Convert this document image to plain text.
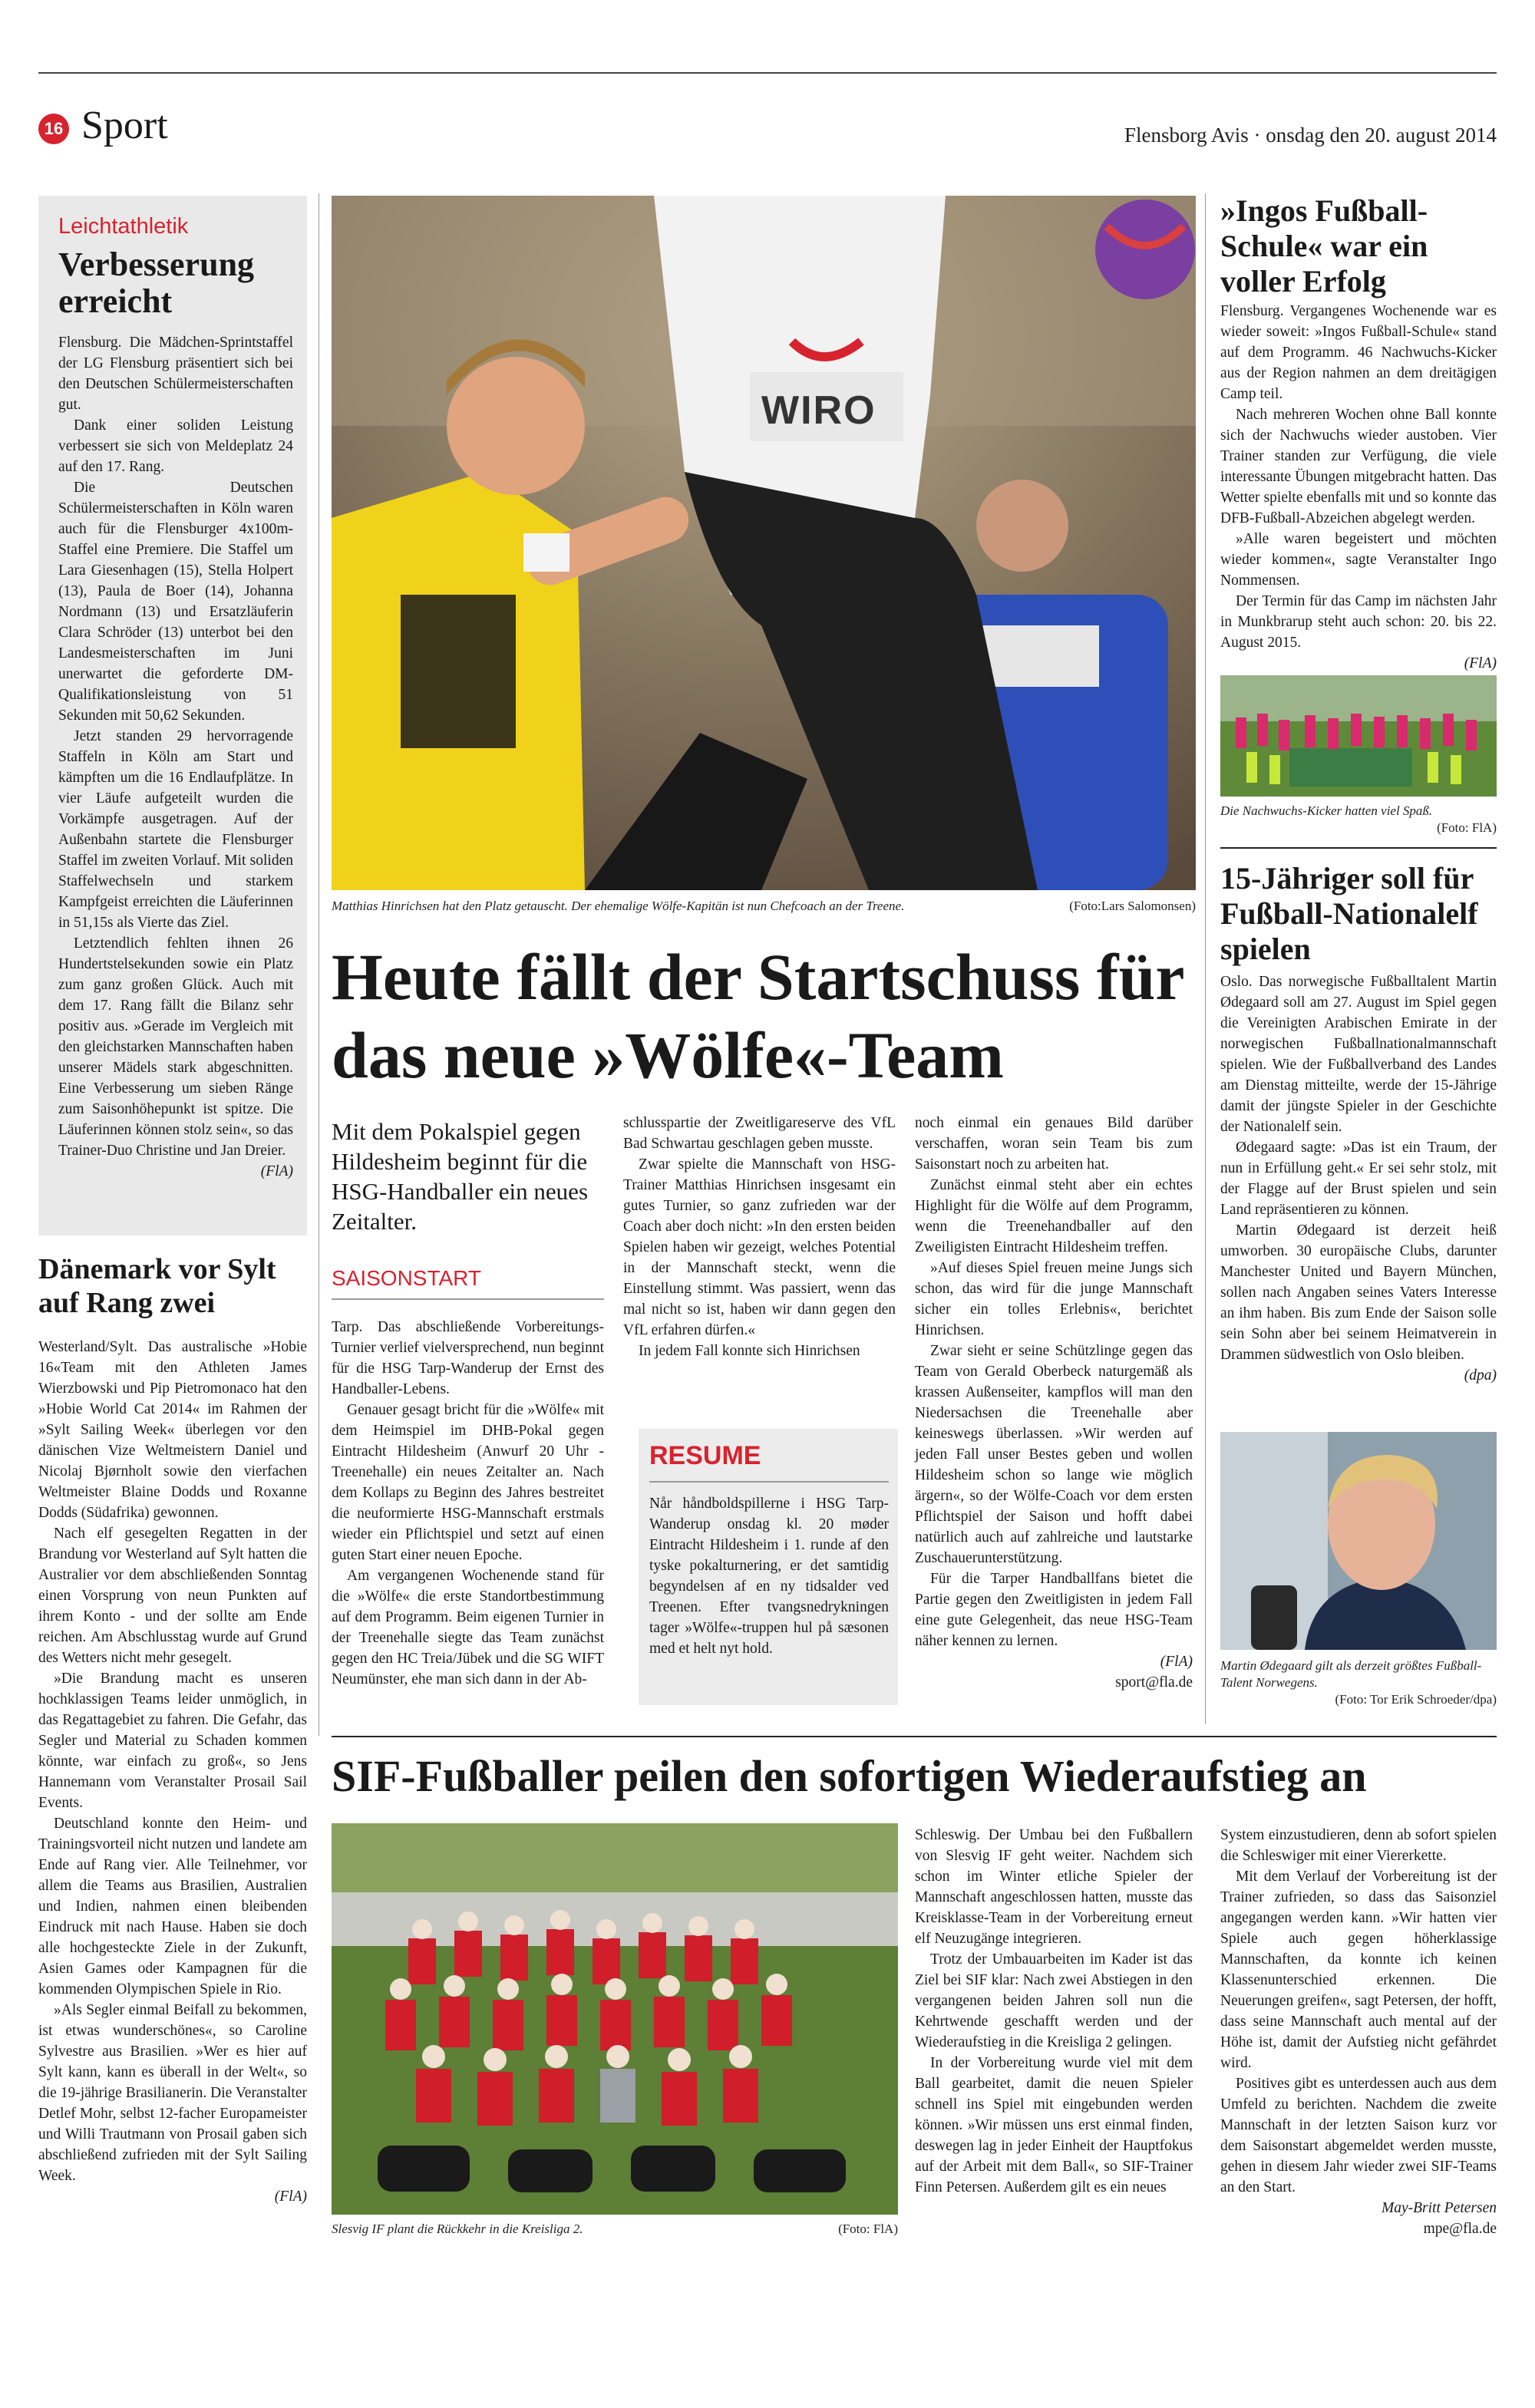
16 Sport	Flensborg Avis · onsdag den 20. august 2014
Leichtathletik
Verbesserung erreicht

Flensburg. Die Mädchen-Sprintstaffel der LG Flensburg präsentiert sich bei den Deutschen Schülermeisterschaften gut.

Dank einer soliden Leistung verbessert sie sich von Meldeplatz 24 auf den 17. Rang.

Die Deutschen Schülermeisterschaften in Köln waren auch für die Flensburger 4x100m-Staffel eine Premiere. Die Staffel um Lara Giesenhagen (15), Stella Holpert (13), Paula de Boer (14), Johanna Nordmann (13) und Ersatzläuferin Clara Schröder (13) unterbot bei den Landesmeisterschaften im Juni unerwartet die geforderte DM-Qualifikationsleistung von 51 Sekunden mit 50,62 Sekunden.

Jetzt standen 29 hervorragende Staffeln in Köln am Start und kämpften um die 16 Endlaufplätze. In vier Läufe aufgeteilt wurden die Vorkämpfe ausgetragen. Auf der Außenbahn startete die Flensburger Staffel im zweiten Vorlauf. Mit soliden Staffelwechseln und starkem Kampfgeist erreichten die Läuferinnen in 51,15s als Vierte das Ziel.

Letztendlich fehlten ihnen 26 Hundertstelsekunden sowie ein Platz zum ganz großen Glück. Auch mit dem 17. Rang fällt die Bilanz sehr positiv aus. »Gerade im Vergleich mit den gleichstarken Mannschaften haben unserer Mädels stark abgeschnitten. Eine Verbesserung um sieben Ränge zum Saisonhöhepunkt ist spitze. Die Läuferinnen können stolz sein«, so das Trainer-Duo Christine und Jan Dreier.

(FlA)

Dänemark vor Sylt auf Rang zwei

Westerland/Sylt. Das australische »Hobie 16«Team mit den Athleten James Wierzbowski und Pip Pietromonaco hat den »Hobie World Cat 2014« im Rahmen der »Sylt Sailing Week« überlegen vor den dänischen Vize Weltmeistern Daniel und Nicolaj Bjørnholt sowie den vierfachen Weltmeister Blaine Dodds und Roxanne Dodds (Südafrika) gewonnen.

Nach elf gesegelten Regatten in der Brandung vor Westerland auf Sylt hatten die Australier vor dem abschließenden Sonntag einen Vorsprung von neun Punkten auf ihrem Konto - und der sollte am Ende reichen. Am Abschlusstag wurde auf Grund des Wetters nicht mehr gesegelt.

»Die Brandung macht es unseren hochklassigen Teams leider unmöglich, in das Regattagebiet zu fahren. Die Gefahr, das Segler und Material zu Schaden kommen könnte, war einfach zu groß«, so Jens Hannemann vom Veranstalter Prosail Sail Events.

Deutschland konnte den Heim- und Trainingsvorteil nicht nutzen und landete am Ende auf Rang vier. Alle Teilnehmer, vor allem die Teams aus Brasilien, Australien und Indien, nahmen einen bleibenden Eindruck mit nach Hause. Haben sie doch alle hochgesteckte Ziele in der Zukunft, Asien Games oder Kampagnen für die kommenden Olympischen Spiele in Rio.

»Als Segler einmal Beifall zu bekommen, ist etwas wunderschönes«, so Caroline Sylvestre aus Brasilien. »Wer es hier auf Sylt kann, kann es überall in der Welt«, so die 19-jährige Brasilianerin. Die Veranstalter Detlef Mohr, selbst 12-facher Europameister und Willi Trautmann von Prosail gaben sich abschließend zufrieden mit der Sylt Sailing Week.

(FlA)

WIRO
Matthias Hinrichsen hat den Platz getauscht. Der ehemalige Wölfe-Kapitän ist nun Chefcoach an der Treene.	(Foto:Lars Salomonsen)
Heute fällt der Startschuss für das neue »Wölfe«-Team
Mit dem Pokalspiel gegen Hildesheim beginnt für die HSG-Handballer ein neues Zeitalter.
SAISONSTART

Tarp. Das abschließende Vorbereitungs-Turnier verlief vielversprechend, nun beginnt für die HSG Tarp-Wanderup der Ernst des Handballer-Lebens.

Genauer gesagt bricht für die »Wölfe« mit dem Heimspiel im DHB-Pokal gegen Eintracht Hildesheim (Anwurf 20 Uhr - Treenehalle) ein neues Zeitalter an. Nach dem Kollaps zu Beginn des Jahres bestreitet die neuformierte HSG-Mannschaft erstmals wieder ein Pflichtspiel und setzt auf einen guten Start einer neuen Epoche.

Am vergangenen Wochenende stand für die »Wölfe« die erste Standortbestimmung auf dem Programm. Beim eigenen Turnier in der Treenehalle siegte das Team zunächst gegen den HC Treia/Jübek und die SG WIFT Neumünster, ehe man sich dann in der Ab-

schlusspartie der Zweitligareserve des VfL Bad Schwartau geschlagen geben musste.

Zwar spielte die Mannschaft von HSG-Trainer Matthias Hinrichsen insgesamt ein gutes Turnier, so ganz zufrieden war der Coach aber doch nicht: »In den ersten beiden Spielen haben wir gezeigt, welches Potential in der Mannschaft steckt, wenn die Einstellung stimmt. Was passiert, wenn das mal nicht so ist, haben wir dann gegen den VfL erfahren dürfen.«

In jedem Fall konnte sich Hinrichsen

RESUME
Når håndboldspillerne i HSG Tarp-Wanderup onsdag kl. 20 møder Eintracht Hildesheim i 1. runde af den tyske pokalturnering, er det samtidig begyndelsen af en ny tidsalder ved Treenen. Efter tvangsnedrykningen tager »Wölfe«-truppen hul på sæsonen med et helt nyt hold.

noch einmal ein genaues Bild darüber verschaffen, woran sein Team bis zum Saisonstart noch zu arbeiten hat.

Zunächst einmal steht aber ein echtes Highlight für die Wölfe auf dem Programm, wenn die Treenehandballer auf den Zweiligisten Eintracht Hildesheim treffen.

»Auf dieses Spiel freuen meine Jungs sich schon, das wird für die junge Mannschaft sicher ein tolles Erlebnis«, berichtet Hinrichsen.

Zwar sieht er seine Schützlinge gegen das Team von Gerald Oberbeck naturgemäß als krassen Außenseiter, kampflos will man den Niedersachsen die Treenehalle aber keineswegs überlassen. »Wir werden auf jeden Fall unser Bestes geben und wollen Hildesheim schon so lange wie möglich ärgern«, so der Wölfe-Coach vor dem ersten Pflichtspiel der Saison und hofft dabei natürlich auch auf zahlreiche und lautstarke Zuschauerunterstützung.

Für die Tarper Handballfans bietet die Partie gegen den Zweitligisten in jedem Fall eine gute Gelegenheit, das neue HSG-Team näher kennen zu lernen.

(FlA)

sport@fla.de

»Ingos Fußball-Schule« war ein voller Erfolg

Flensburg. Vergangenes Wochenende war es wieder soweit: »Ingos Fußball-Schule« stand auf dem Programm. 46 Nachwuchs-Kicker aus der Region nahmen an dem dreitägigen Camp teil.

Nach mehreren Wochen ohne Ball konnte sich der Nachwuchs wieder austoben. Vier Trainer standen zur Verfügung, die viele interessante Übungen mitgebracht hatten. Das Wetter spielte ebenfalls mit und so konnte das DFB-Fußball-Abzeichen abgelegt werden.

»Alle waren begeistert und möchten wieder kommen«, sagte Veranstalter Ingo Nommensen.

Der Termin für das Camp im nächsten Jahr in Munkbrarup steht auch schon: 20. bis 22. August 2015.

(FlA)

Die Nachwuchs-Kicker hatten viel Spaß.
(Foto: FlA)
15-Jähriger soll für Fußball-Nationalelf spielen

Oslo. Das norwegische Fußballtalent Martin Ødegaard soll am 27. August im Spiel gegen die Vereinigten Arabischen Emirate in der norwegischen Fußballnationalmannschaft spielen. Wie der Fußballverband des Landes am Dienstag mitteilte, werde der 15-Jährige damit der jüngste Spieler in der Geschichte der Nationalelf sein.

Ødegaard sagte: »Das ist ein Traum, der nun in Erfüllung geht.« Er sei sehr stolz, mit der Flagge auf der Brust spielen und sein Land repräsentieren zu können.

Martin Ødegaard ist derzeit heiß umworben. 30 europäische Clubs, darunter Manchester United und Bayern München, sollen nach Angaben seines Vaters Interesse an ihm haben. Bis zum Ende der Saison solle sein Sohn aber bei seinem Heimatverein in Drammen südwestlich von Oslo bleiben.

(dpa)

Martin Ødegaard gilt als derzeit größtes Fußball-Talent Norwegens.
(Foto: Tor Erik Schroeder/dpa)
SIF-Fußballer peilen den sofortigen Wiederaufstieg an
Slesvig IF plant die Rückkehr in die Kreisliga 2.	(Foto: FlA)

Schleswig. Der Umbau bei den Fußballern von Slesvig IF geht weiter. Nachdem sich schon im Winter etliche Spieler der Mannschaft angeschlossen hatten, musste das Kreisklasse-Team in der Vorbereitung erneut elf Neuzugänge integrieren.

Trotz der Umbauarbeiten im Kader ist das Ziel bei SIF klar: Nach zwei Abstiegen in den vergangenen beiden Jahren soll nun die Kehrtwende geschafft werden und der Wiederaufstieg in die Kreisliga 2 gelingen.

In der Vorbereitung wurde viel mit dem Ball gearbeitet, damit die neuen Spieler schnell ins Spiel mit eingebunden werden können. »Wir müssen uns erst einmal finden, deswegen lag in jeder Einheit der Hauptfokus auf der Arbeit mit dem Ball«, so SIF-Trainer Finn Petersen. Außerdem gilt es ein neues

System einzustudieren, denn ab sofort spielen die Schleswiger mit einer Viererkette.

Mit dem Verlauf der Vorbereitung ist der Trainer zufrieden, so dass das Saisonziel angegangen werden kann. »Wir hatten vier Spiele auch gegen höherklassige Mannschaften, da konnte ich keinen Klassenunterschied erkennen. Die Neuerungen greifen«, sagt Petersen, der hofft, dass seine Mannschaft auch mental auf der Höhe ist, damit der Aufstieg nicht gefährdet wird.

Positives gibt es unterdessen auch aus dem Umfeld zu berichten. Nachdem die zweite Mannschaft in der letzten Saison kurz vor dem Saisonstart abgemeldet werden musste, gehen in diesem Jahr wieder zwei SIF-Teams an den Start.

May-Britt Petersen

mpe@fla.de
